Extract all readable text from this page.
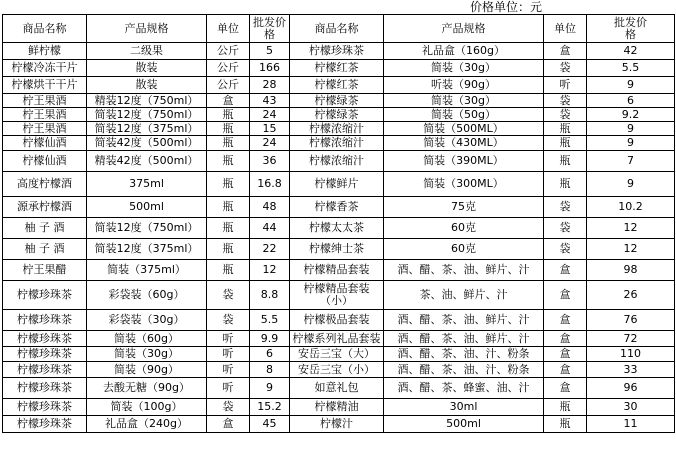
价格单位：元
商品名称	产品规格	单位	批发价格	商品名称	产品规格	单位	批发价格
鲜柠檬	二级果	公斤	5	柠檬珍珠茶	礼品盒（160g）	盒	42
柠檬冷冻干片	散装	公斤	166	柠檬红茶	简装（30g）	袋	5.5
柠檬烘干干片	散装	公斤	28	柠檬红茶	听装（90g）	听	9
柠王果酒	精装12度（750ml）	盒	43	柠檬绿茶	简装（30g）	袋	6
柠王果酒	简装12度（750ml）	瓶	24	柠檬绿茶	简装（50g）	袋	9.2
柠王果酒	简装12度（375ml）	瓶	15	柠檬浓缩汁	简装（500ML）	瓶	9
柠檬仙酒	简装42度（500ml）	瓶	24	柠檬浓缩汁	简装（430ML）	瓶	9
柠檬仙酒	精装42度（500ml）	瓶	36	柠檬浓缩汁	简装（390ML）	瓶	7
高度柠檬酒	375ml	瓶	16.8	柠檬鲜片	简装（300ML）	瓶	9
源承柠檬酒	500ml	瓶	48	柠檬香茶	75克	袋	10.2
柚 子 酒	简装12度（750ml）	瓶	44	柠檬太太茶	60克	袋	12
柚 子 酒	简装12度（375ml）	瓶	22	柠檬绅士茶	60克	袋	12
柠王果醋	简装（375ml）	瓶	12	柠檬精品套装	酒、醋、茶、油、鲜片、汁	盒	98
柠檬珍珠茶	彩袋装（60g）	袋	8.8	柠檬精品套装（小）	茶、油、鲜片、汁	盒	26
柠檬珍珠茶	彩袋装（30g）	袋	5.5	柠檬极品套装	酒、醋、茶、油、鲜片、汁	盒	76
柠檬珍珠茶	简装（60g）	听	9.9	柠檬系列礼品套装	酒、醋、茶、油、鲜片、汁	盒	72
柠檬珍珠茶	简装（30g）	听	6	安岳三宝（大）	酒、醋、茶、油、汁、粉条	盒	110
柠檬珍珠茶	简装（90g）	听	8	安岳三宝（小）	酒、醋、茶、油、汁、粉条	盒	33
柠檬珍珠茶	去酸无糖（90g）	听	9	如意礼包	酒、醋、茶、蜂蜜、油、汁	盒	96
柠檬珍珠茶	简装（100g）	袋	15.2	柠檬精油	30ml	瓶	30
柠檬珍珠茶	礼品盒（240g）	盒	45	柠檬汁	500ml	瓶	11
